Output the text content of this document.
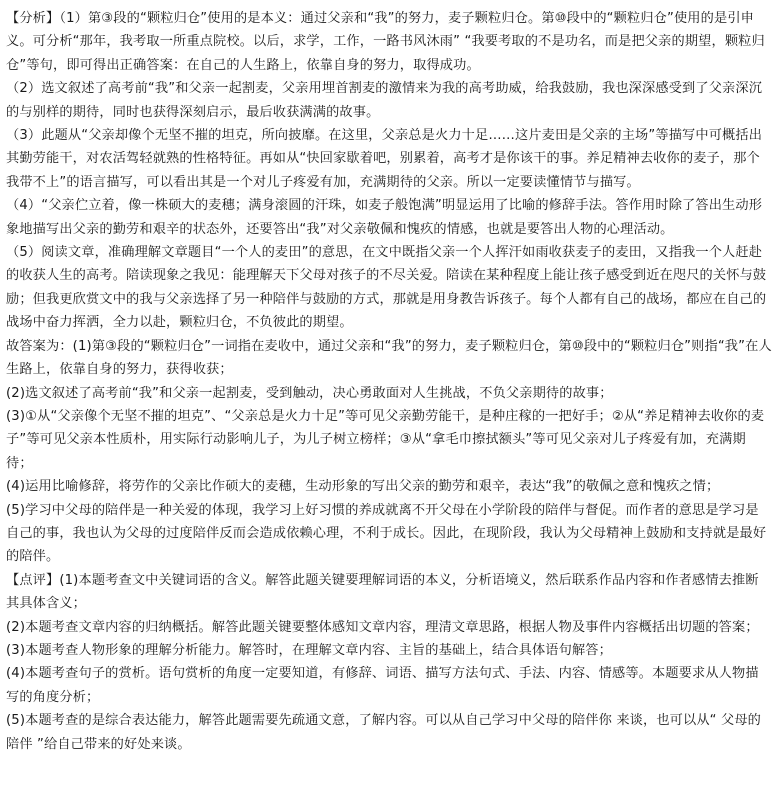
【分析】（1）第③段的“颗粒归仓”使用的是本义：通过父亲和“我”的努力，麦子颗粒归仓。第⑩段中的“颗粒归仓”使用的是引申义。可分析“那年，我考取一所重点院校。以后，求学，工作，一路书风沐雨” “我要考取的不是功名，而是把父亲的期望，颗粒归仓”等句，即可得出正确答案：在自己的人生路上，依靠自身的努力，取得成功。

（2）选文叙述了高考前“我”和父亲一起割麦，父亲用埋首割麦的激情来为我的高考助威，给我鼓励，我也深深感受到了父亲深沉的与别样的期待，同时也获得深刻启示，最后收获满满的故事。

（3）此题从“父亲却像个无坚不摧的坦克，所向披靡。在这里，父亲总是火力十足……这片麦田是父亲的主场”等描写中可概括出其勤劳能干，对农活驾轻就熟的性格特征。再如从“快回家歇着吧，别累着，高考才是你该干的事。养足精神去收你的麦子，那个我带不上”的语言描写，可以看出其是一个对儿子疼爱有加，充满期待的父亲。所以一定要读懂情节与描写。

（4）“父亲伫立着，像一株硕大的麦穗；满身滚圆的汗珠，如麦子般饱满”明显运用了比喻的修辞手法。答作用时除了答出生动形象地描写出父亲的勤劳和艰辛的状态外，还要答出“我”对父亲敬佩和愧疚的情感，也就是要答出人物的心理活动。

（5）阅读文章，准确理解文章题目“一个人的麦田”的意思，在文中既指父亲一个人挥汗如雨收获麦子的麦田，又指我一个人赶赴的收获人生的高考。陪读现象之我见：能理解天下父母对孩子的不尽关爱。陪读在某种程度上能让孩子感受到近在咫尺的关怀与鼓励；但我更欣赏文中的我与父亲选择了另一种陪伴与鼓励的方式，那就是用身教告诉孩子。每个人都有自己的战场，都应在自己的战场中奋力挥洒，全力以赴，颗粒归仓，不负彼此的期望。

故答案为：(1)第③段的“颗粒归仓”一词指在麦收中，通过父亲和“我”的努力，麦子颗粒归仓，第⑩段中的“颗粒归仓”则指“我”在人生路上，依靠自身的努力，获得收获；

(2)选文叙述了高考前“我”和父亲一起割麦，受到触动，决心勇敢面对人生挑战，不负父亲期待的故事；

(3)①从“父亲像个无坚不摧的坦克”、“父亲总是火力十足”等可见父亲勤劳能干，是种庄稼的一把好手；②从“养足精神去收你的麦子”等可见父亲本性质朴，用实际行动影响儿子，为儿子树立榜样；③从“拿毛巾擦拭额头”等可见父亲对儿子疼爱有加，充满期待；

(4)运用比喻修辞，将劳作的父亲比作硕大的麦穗，生动形象的写出父亲的勤劳和艰辛，表达“我”的敬佩之意和愧疚之情；

(5)学习中父母的陪伴是一种关爱的体现，我学习上好习惯的养成就离不开父母在小学阶段的陪伴与督促。而作者的意思是学习是自己的事，我也认为父母的过度陪伴反而会造成依赖心理，不利于成长。因此，在现阶段，我认为父母精神上鼓励和支持就是最好的陪伴。

【点评】(1)本题考查文中关键词语的含义。解答此题关键要理解词语的本义，分析语境义，然后联系作品内容和作者感情去推断其具体含义；

(2)本题考查文章内容的归纳概括。解答此题关键要整体感知文章内容，理清文章思路，根据人物及事件内容概括出切题的答案；

(3)本题考查人物形象的理解分析能力。解答时，在理解文章内容、主旨的基础上，结合具体语句解答；

(4)本题考查句子的赏析。语句赏析的角度一定要知道，有修辞、词语、描写方法句式、手法、内容、情感等。本题要求从人物描写的角度分析；

(5)本题考查的是综合表达能力，解答此题需要先疏通文意，了解内容。可以从自己学习中父母的陪伴你 来谈，也可以从“ 父母的陪伴 ”给自己带来的好处来谈。
